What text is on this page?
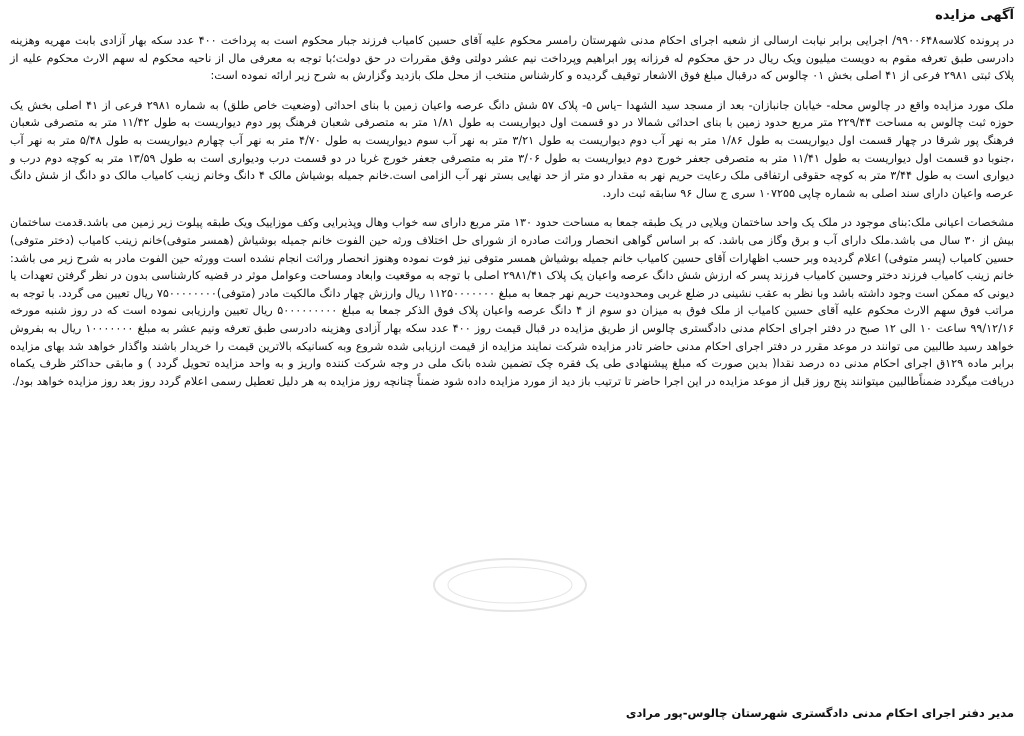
آگهی مزایده

در پرونده کلاسه۹۹۰۰۶۴۸/ اجرایی برابر نیابت ارسالی از شعبه اجرای احکام مدنی شهرستان رامسر محکوم علیه آقای حسین کامیاب فرزند جبار محکوم است به پرداخت ۴۰۰ عدد سکه بهار آزادی بابت مهریه وهزینه دادرسی طبق تعرفه مقوم به دویست میلیون ویک ریال در حق محکوم له فرزانه پور ابراهیم وپرداخت نیم عشر دولتی وفق مقررات در حق دولت؛با توجه به معرفی مال از ناحیه محکوم له سهم الارث محکوم علیه از پلاک ثبتی ۲۹۸۱ فرعی از ۴۱ اصلی بخش ۰۱ چالوس که درقبال مبلغ فوق الاشعار توقیف گردیده و کارشناس منتخب از محل ملک بازدید وگزارش به شرح زیر ارائه نموده است:

ملک مورد مزایده واقع در چالوس محله- خیابان جانبازان- بعد از مسجد سید الشهدا –یاس ۵- پلاک ۵۷ شش دانگ عرصه واعیان زمین با بنای احداثی (وضعیت خاص طلق) به شماره ۲۹۸۱ فرعی از ۴۱ اصلی بخش یک حوزه ثبت چالوس به مساحت ۲۲۹/۴۴ متر مربع حدود زمین با بنای احداثی شمالا در دو قسمت اول دیواریست به طول ۱/۸۱ متر به متصرفی شعبان فرهنگ پور دوم دیواریست به طول ۱۱/۴۲ متر به متصرفی شعبان فرهنگ پور شرقا در چهار قسمت اول دیواریست به طول ۱/۸۶ متر به نهر آب دوم دیواریست به طول ۳/۲۱ متر به نهر آب سوم دیواریست به طول ۴/۷۰ متر به نهر آب چهارم دیواریست به طول ۵/۴۸ متر به نهر آب ،جنوبا دو قسمت اول دیواریست به طول ۱۱/۴۱ متر به متصرفی جعفر خورج دوم دیواریست به طول ۳/۰۶ متر به متصرفی جعفر خورج غربا در دو قسمت درب ودیواری است به طول ۱۳/۵۹ متر به کوچه دوم درب و دیواری است به طول ۳/۴۴ متر به کوچه حقوقی ارتفاقی ملک رعایت حریم نهر به مقدار دو متر از حد نهایی بستر نهر آب الزامی است.خانم جمیله بوشیاش مالک ۴ دانگ وخانم زینب کامیاب مالک دو دانگ از شش دانگ عرصه واعیان دارای سند اصلی به شماره چاپی ۱۰۷۲۵۵ سری ج سال ۹۶ سابقه ثبت دارد.

مشخصات اعیانی ملک:بنای موجود در ملک یک واحد ساختمان ویلایی در یک طبقه جمعا به مساحت حدود ۱۳۰ متر مربع دارای سه خواب وهال وپذیرایی وکف موزاییک ویک طبقه پیلوت زیر زمین می باشد.قدمت ساختمان بیش از ۳۰ سال می باشد.ملک دارای آب و برق وگاز می باشد. که بر اساس گواهی انحصار وراثت صادره از شورای حل اختلاف ورثه حین الفوت خانم جمیله بوشیاش (همسر متوفی)خانم زینب کامیاب (دختر متوفی) حسین کامیاب (پسر متوفی) اعلام گردیده وبر حسب اظهارات آقای حسین کامیاب خانم جمیله بوشیاش همسر متوفی نیز فوت نموده وهنوز انحصار وراثت انجام نشده است وورثه حین الفوت مادر به شرح زیر می باشد: خانم زینب کامیاب فرزند دختر وحسین کامیاب فرزند پسر که ارزش شش دانگ عرصه واعیان یک پلاک ۲۹۸۱/۴۱ اصلی با توجه به موقعیت وابعاد ومساحت وعوامل موثر در قضیه کارشناسی بدون در نظر گرفتن تعهدات یا دیونی که ممکن است وجود داشته باشد وبا نظر به عقب نشینی در ضلع غربی ومحدودیت حریم نهر جمعا به مبلغ ۱۱۲۵۰۰۰۰۰۰۰ ریال وارزش چهار دانگ مالکیت مادر (متوفی)۷۵۰۰۰۰۰۰۰۰ ریال تعیین می گردد. با توجه به مراتب فوق سهم الارث محکوم علیه آقای حسین کامیاب از ملک فوق به میزان دو سوم از ۴ دانگ عرصه واعیان پلاک فوق الذکر جمعا به مبلغ ۵۰۰۰۰۰۰۰۰۰ ریال تعیین وارزیابی نموده است که در روز شنبه مورخه ۹۹/۱۲/۱۶ ساعت ۱۰ الی ۱۲ صبح در دفتر اجرای احکام مدنی دادگستری چالوس از طریق مزایده در قبال قیمت روز ۴۰۰ عدد سکه بهار آزادی وهزینه دادرسی طبق تعرفه ونیم عشر به مبلغ ۱۰۰۰۰۰۰۰ ریال به بفروش خواهد رسید طالبین می توانند در موعد مقرر در دفتر اجرای احکام مدنی حاضر تادر مزایده شرکت نمایند مزایده از قیمت ارزیابی شده شروع وبه کسانیکه بالاترین قیمت را خریدار باشند واگذار خواهد شد بهای مزایده برابر ماده ۱۲۹ق اجرای احکام مدنی ده درصد نقدا( بدین صورت که مبلغ پیشنهادی طی یک فقره چک تضمین شده بانک ملی در وجه شرکت کننده واریز و به واحد مزایده تحویل گردد ) و مابقی حداکثر ظرف یکماه دریافت میگردد ضمناًطالبین میتوانند پنج روز قبل از موعد مزایده در این اجرا حاضر تا ترتیب باز دید از مورد مزایده داده شود ضمناً چنانچه روز مزایده به هر دلیل تعطیل رسمی اعلام گردد روز بعد روز مزایده خواهد بود/.

مدیر دفتر اجرای احکام مدنی دادگستری شهرستان چالوس-پور مرادی
